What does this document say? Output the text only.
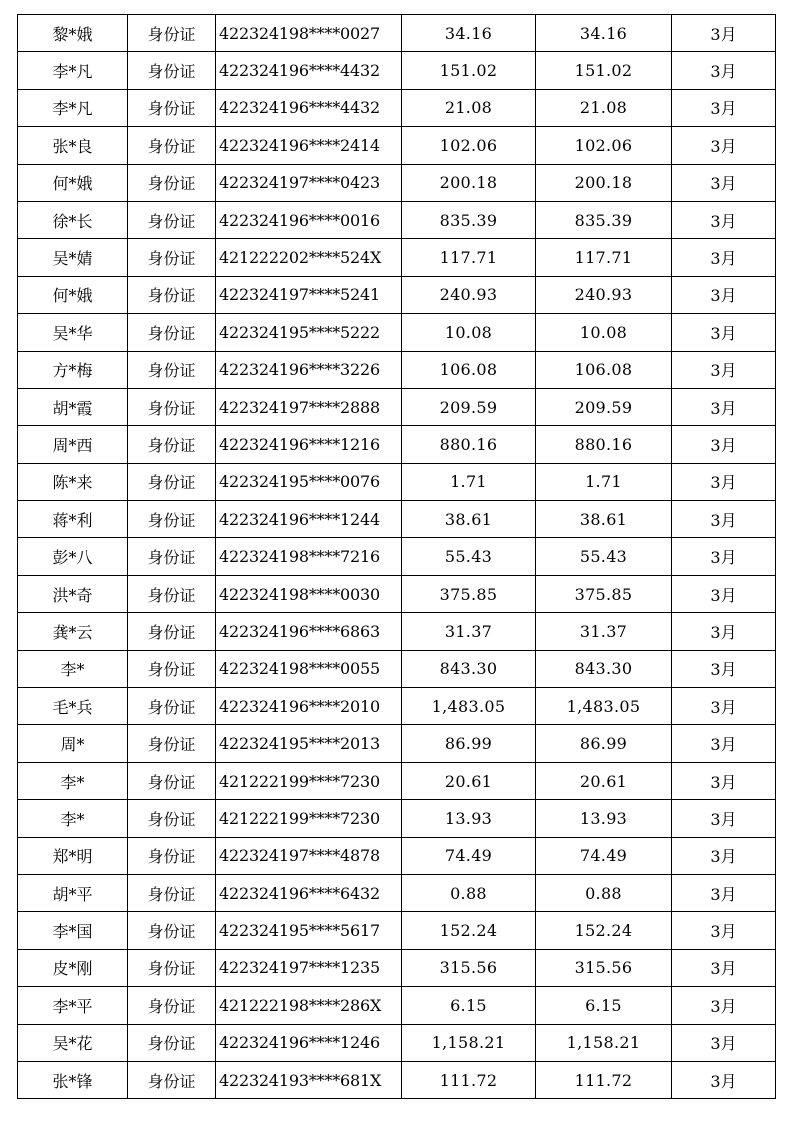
黎*娥	身份证	422324198****0027	34.16	34.16	3月
李*凡	身份证	422324196****4432	151.02	151.02	3月
李*凡	身份证	422324196****4432	21.08	21.08	3月
张*良	身份证	422324196****2414	102.06	102.06	3月
何*娥	身份证	422324197****0423	200.18	200.18	3月
徐*长	身份证	422324196****0016	835.39	835.39	3月
吴*婧	身份证	421222202****524X	117.71	117.71	3月
何*娥	身份证	422324197****5241	240.93	240.93	3月
吴*华	身份证	422324195****5222	10.08	10.08	3月
方*梅	身份证	422324196****3226	106.08	106.08	3月
胡*霞	身份证	422324197****2888	209.59	209.59	3月
周*西	身份证	422324196****1216	880.16	880.16	3月
陈*来	身份证	422324195****0076	1.71	1.71	3月
蒋*利	身份证	422324196****1244	38.61	38.61	3月
彭*八	身份证	422324198****7216	55.43	55.43	3月
洪*奇	身份证	422324198****0030	375.85	375.85	3月
龚*云	身份证	422324196****6863	31.37	31.37	3月
李*	身份证	422324198****0055	843.30	843.30	3月
毛*兵	身份证	422324196****2010	1,483.05	1,483.05	3月
周*	身份证	422324195****2013	86.99	86.99	3月
李*	身份证	421222199****7230	20.61	20.61	3月
李*	身份证	421222199****7230	13.93	13.93	3月
郑*明	身份证	422324197****4878	74.49	74.49	3月
胡*平	身份证	422324196****6432	0.88	0.88	3月
李*国	身份证	422324195****5617	152.24	152.24	3月
皮*刚	身份证	422324197****1235	315.56	315.56	3月
李*平	身份证	421222198****286X	6.15	6.15	3月
吴*花	身份证	422324196****1246	1,158.21	1,158.21	3月
张*锋	身份证	422324193****681X	111.72	111.72	3月
